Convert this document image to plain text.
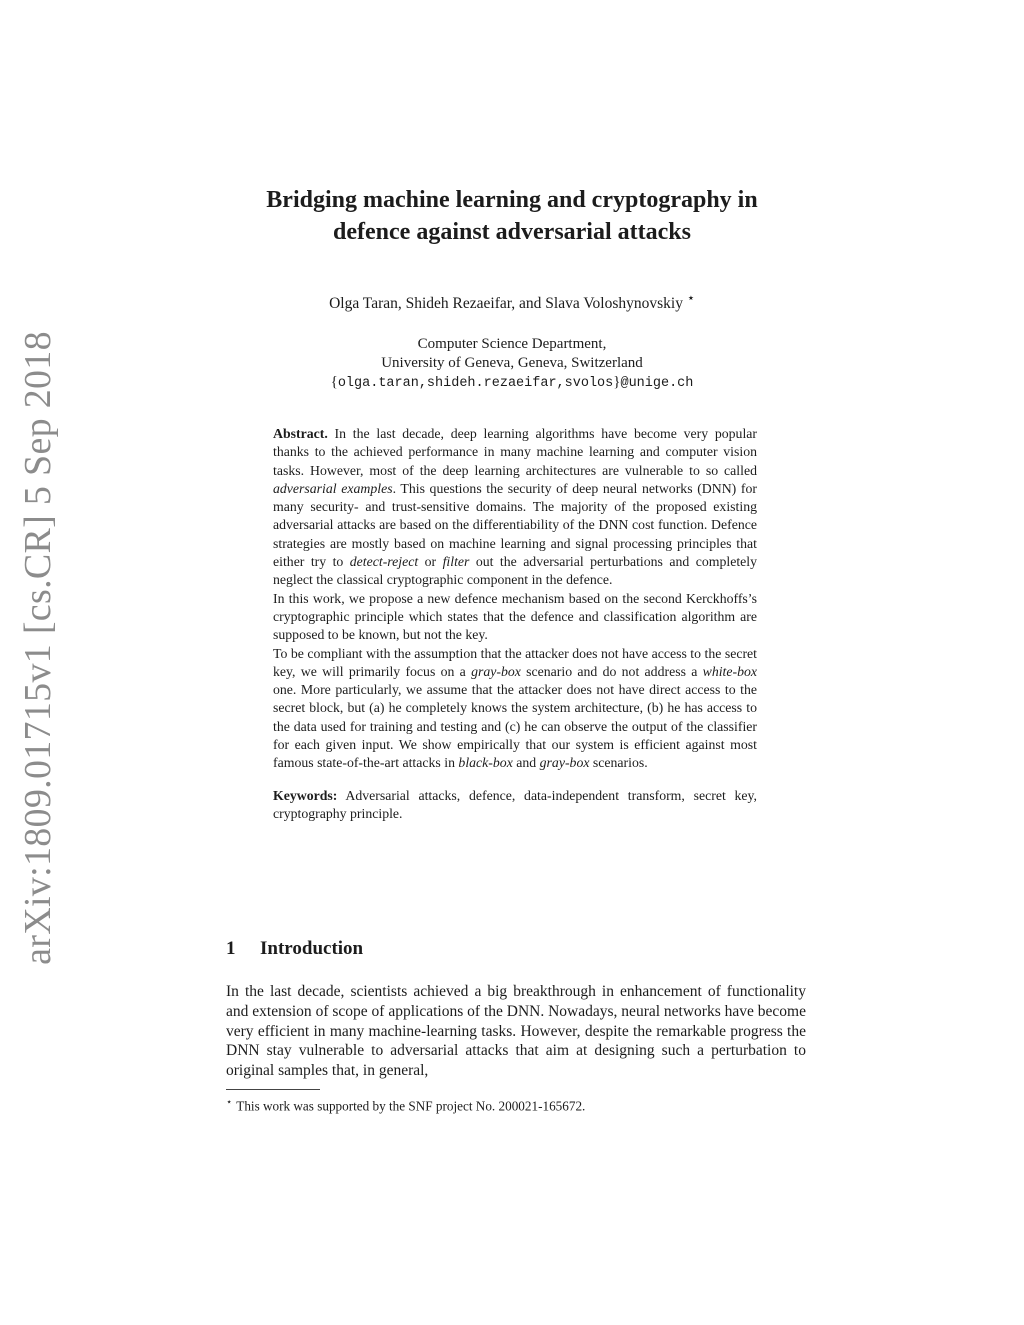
arXiv:1809.01715v1 [cs.CR] 5 Sep 2018
Bridging machine learning and cryptography in
defence against adversarial attacks
Olga Taran, Shideh Rezaeifar, and Slava Voloshynovskiy ⋆
Computer Science Department,
University of Geneva, Geneva, Switzerland
{olga.taran,shideh.rezaeifar,svolos}@unige.ch

Abstract. In the last decade, deep learning algorithms have become very popular thanks to the achieved performance in many machine learning and computer vision tasks. However, most of the deep learning architectures are vulnerable to so called adversarial examples. This questions the security of deep neural networks (DNN) for many security- and trust-sensitive domains. The majority of the proposed existing adversarial attacks are based on the differentiability of the DNN cost function. Defence strategies are mostly based on machine learning and signal processing principles that either try to detect-reject or filter out the adversarial perturbations and completely neglect the classical cryptographic component in the defence.

In this work, we propose a new defence mechanism based on the second Kerckhoffs’s cryptographic principle which states that the defence and classification algorithm are supposed to be known, but not the key.

To be compliant with the assumption that the attacker does not have access to the secret key, we will primarily focus on a gray-box scenario and do not address a white-box one. More particularly, we assume that the attacker does not have direct access to the secret block, but (a) he completely knows the system architecture, (b) he has access to the data used for training and testing and (c) he can observe the output of the classifier for each given input. We show empirically that our system is efficient against most famous state-of-the-art attacks in black-box and gray-box scenarios.

Keywords: Adversarial attacks, defence, data-independent transform, secret key, cryptography principle.

1 Introduction

In the last decade, scientists achieved a big breakthrough in enhancement of functionality and extension of scope of applications of the DNN. Nowadays, neural networks have become very efficient in many machine-learning tasks. However, despite the remarkable progress the DNN stay vulnerable to adversarial attacks that aim at designing such a perturbation to original samples that, in general,

⋆ This work was supported by the SNF project No. 200021-165672.
